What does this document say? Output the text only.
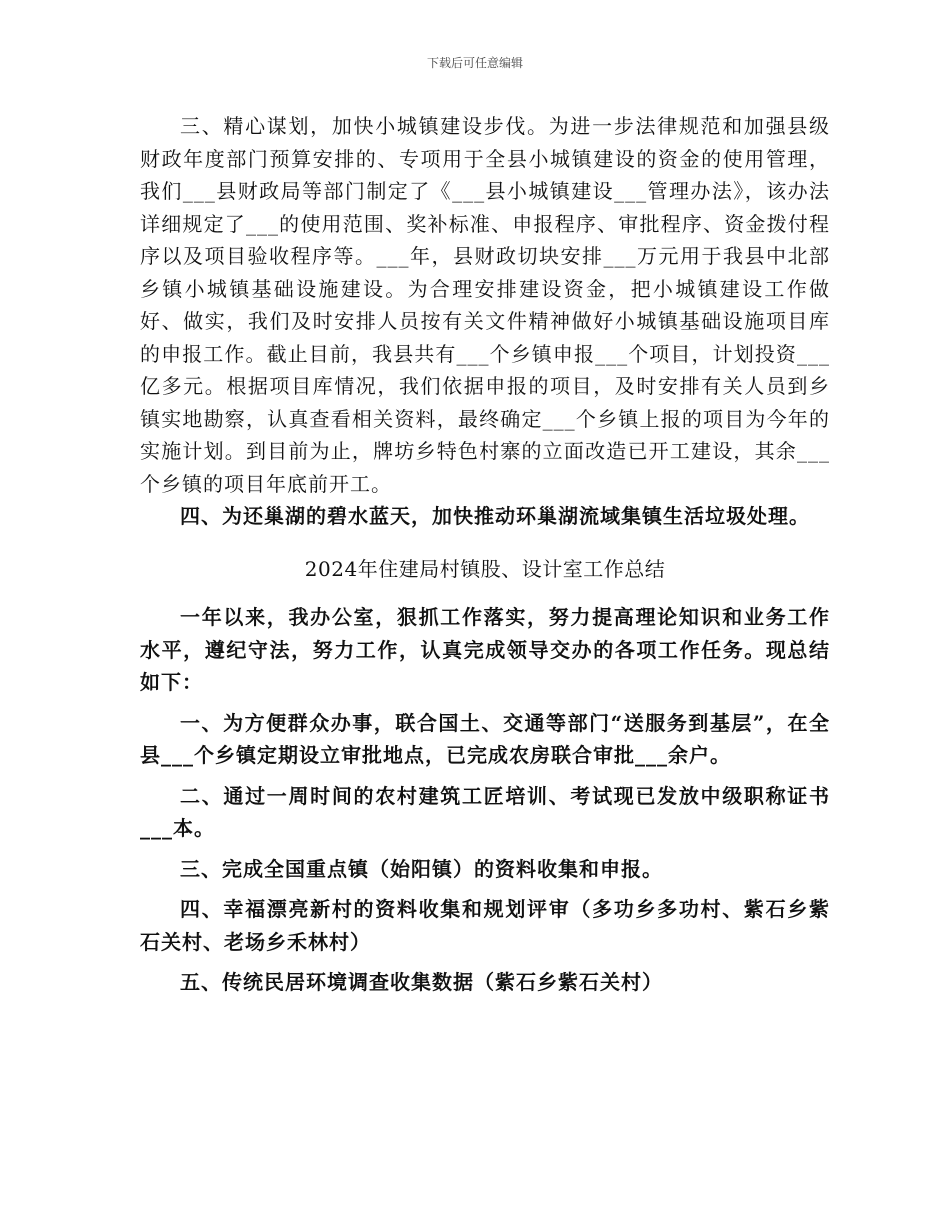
下载后可任意编辑

三、精心谋划，加快小城镇建设步伐。为进一步法律规范和加强县级财政年度部门预算安排的、专项用于全县小城镇建设的资金的使用管理，我们___县财政局等部门制定了《___县小城镇建设___管理办法》，该办法详细规定了___的使用范围、奖补标准、申报程序、审批程序、资金拨付程序以及项目验收程序等。___年，县财政切块安排___万元用于我县中北部乡镇小城镇基础设施建设。为合理安排建设资金，把小城镇建设工作做好、做实，我们及时安排人员按有关文件精神做好小城镇基础设施项目库的申报工作。截止目前，我县共有___个乡镇申报___个项目，计划投资___亿多元。根据项目库情况，我们依据申报的项目，及时安排有关人员到乡镇实地勘察，认真查看相关资料，最终确定___个乡镇上报的项目为今年的实施计划。到目前为止，牌坊乡特色村寨的立面改造已开工建设，其余___个乡镇的项目年底前开工。

四、为还巢湖的碧水蓝天，加快推动环巢湖流域集镇生活垃圾处理。

2024年住建局村镇股、设计室工作总结

一年以来，我办公室，狠抓工作落实，努力提高理论知识和业务工作水平，遵纪守法，努力工作，认真完成领导交办的各项工作任务。现总结如下：

一、为方便群众办事，联合国土、交通等部门“送服务到基层”，在全县___个乡镇定期设立审批地点，已完成农房联合审批___余户。

二、通过一周时间的农村建筑工匠培训、考试现已发放中级职称证书___本。

三、完成全国重点镇（始阳镇）的资料收集和申报。

四、幸福漂亮新村的资料收集和规划评审（多功乡多功村、紫石乡紫石关村、老场乡禾林村）

五、传统民居环境调查收集数据（紫石乡紫石关村）
